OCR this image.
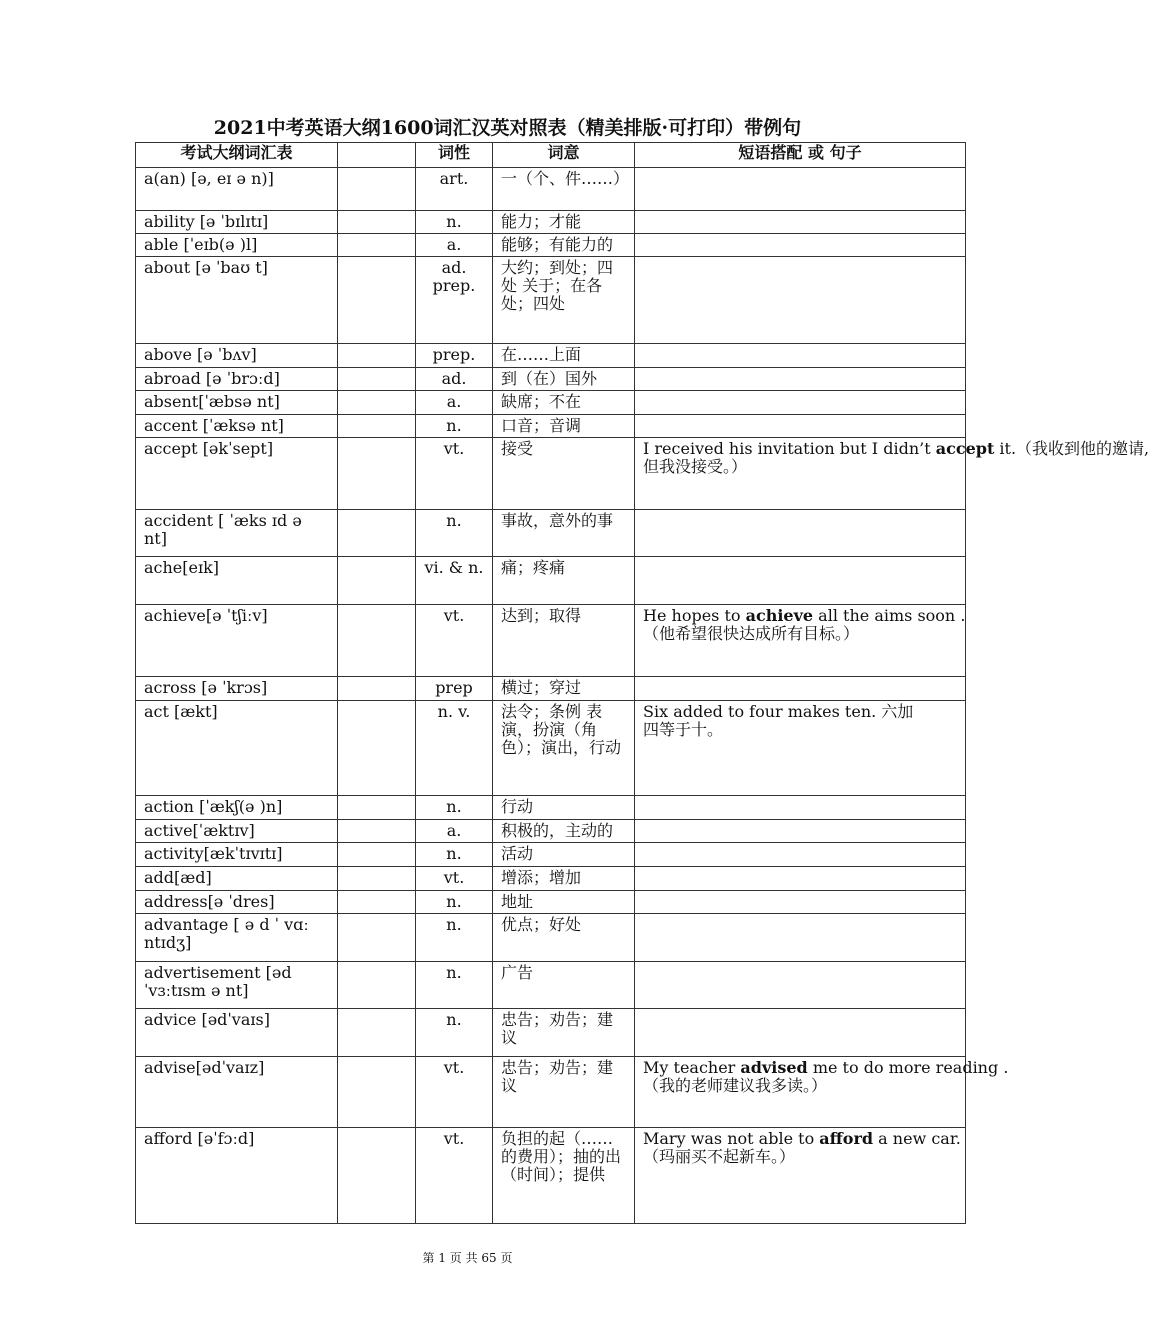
2021中考英语大纲1600词汇汉英对照表（精美排版·可打印）带例句
考试大纲词汇表		词性	词意	短语搭配 或 句子
a(an) [ə, eɪ ə n)]		art.	一（个、件……）	
ability [ə ˈbɪlɪtɪ]		n.	能力；才能	
able [ˈeɪb(ə )l]		a.	能够；有能力的	
about [ə ˈbaʊ t]		ad. prep.	大约；到处；四处 关于；在各处；四处	
above [ə ˈbʌv]		prep.	在……上面	
abroad [ə ˈbrɔːd]		ad.	到（在）国外	
absent[ˈæbsə nt]		a.	缺席；不在	
accent [ˈæksə nt]		n.	口音；音调	
accept [əkˈsept]		vt.	接受	I received his invitation but I didn’t accept it.（我收到他的邀请,
但我没接受。）
accident [ ˈæks ɪd ə nt]		n.	事故，意外的事	
ache[eɪk]		vi. & n.	痛；疼痛	
achieve[ə ˈtʃiːv]		vt.	达到；取得	He hopes to achieve all the aims soon .
（他希望很快达成所有目标。）
across [ə ˈkrɔs]		prep	横过；穿过	
act [ækt]		n. v.	法令；条例 表演，扮演（角色）；演出，行动	Six added to four makes ten. 六加
四等于十。
action [ˈækʃ(ə )n]		n.	行动	
active[ˈæktɪv]		a.	积极的，主动的	
activity[ækˈtɪvɪtɪ]		n.	活动	
add[æd]		vt.	增添；增加	
address[ə ˈdres]		n.	地址	
advantage [ ə d ˈ vɑː ntɪdʒ]		n.	优点；好处	
advertisement [ədˈvɜːtɪsm ə nt]		n.	广告	
advice [ədˈvaɪs]		n.	忠告；劝告；建议	
advise[ədˈvaɪz]		vt.	忠告；劝告；建议	My teacher advised me to do more reading .
（我的老师建议我多读。）
afford [əˈfɔːd]		vt.	负担的起（……的费用）；抽的出（时间）；提供	Mary was not able to afford a new car.
（玛丽买不起新车。）
第 1 页 共 65 页
